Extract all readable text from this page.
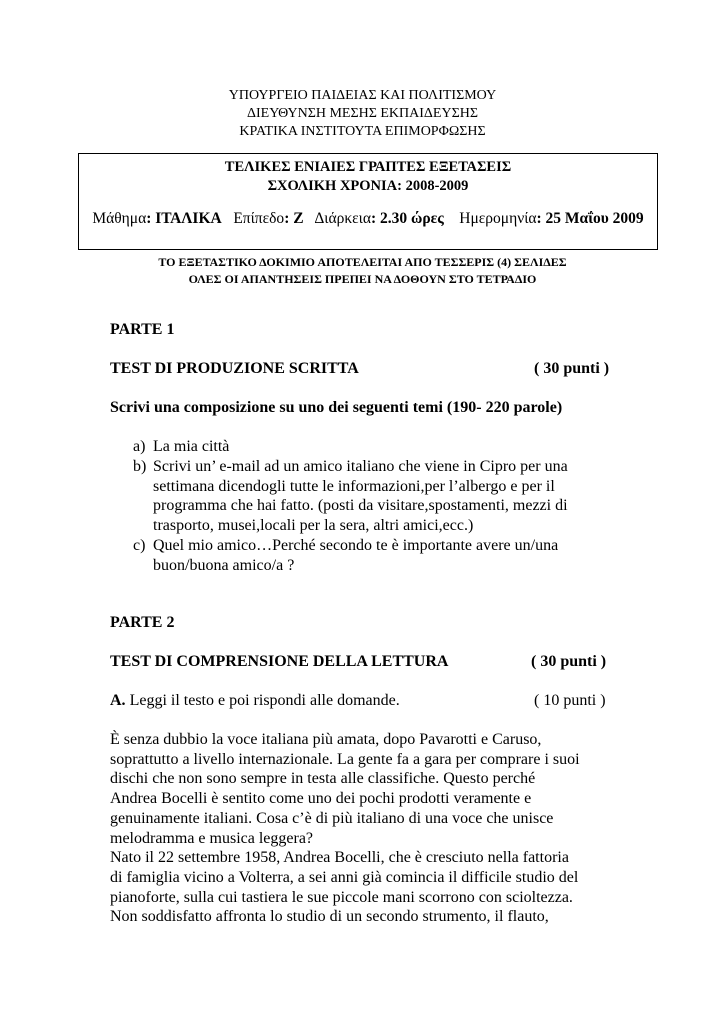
ΥΠΟΥΡΓΕΙΟ ΠΑΙΔΕΙΑΣ ΚΑΙ ΠΟΛΙΤΙΣΜΟΥ
ΔΙΕΥΘΥΝΣΗ ΜΕΣΗΣ ΕΚΠΑΙΔΕΥΣΗΣ
ΚΡΑΤΙΚΑ ΙΝΣΤΙΤΟΥΤΑ ΕΠΙΜΟΡΦΩΣΗΣ
ΤΕΛΙΚΕΣ ΕΝΙΑΙΕΣ ΓΡΑΠΤΕΣ ΕΞΕΤΑΣΕΙΣ
ΣΧΟΛΙΚΗ ΧΡΟΝΙΑ: 2008-2009
Μάθημα: ΙΤΑΛΙΚΑ Επίπεδο: Ζ Διάρκεια: 2.30 ώρες Ημερομηνία: 25 Μαΐου 2009
ΤΟ ΕΞΕΤΑΣΤΙΚΟ ΔΟΚΙΜΙΟ ΑΠΟΤΕΛΕΙΤΑΙ ΑΠΟ ΤΕΣΣΕΡΙΣ (4) ΣΕΛΙΔΕΣ
ΟΛΕΣ ΟΙ ΑΠΑΝΤΗΣΕΙΣ ΠΡΕΠΕΙ ΝΑ ΔΟΘΟΥΝ ΣΤΟ ΤΕΤΡΑΔΙΟ
PARTE 1
TEST DI PRODUZIONE SCRITTA	( 30 punti )
Scrivi una composizione su uno dei seguenti temi (190- 220 parole)
a) La mia città
b) Scrivi un’ e-mail ad un amico italiano che viene in Cipro per una
settimana dicendogli tutte le informazioni,per l’albergo e per il
programma che hai fatto. (posti da visitare,spostamenti, mezzi di
trasporto, musei,locali per la sera, altri amici,ecc.)
c) Quel mio amico…Perché secondo te è importante avere un/una
buon/buona amico/a ?
PARTE 2
TEST DI COMPRENSIONE DELLA LETTURA	( 30 punti )
A. Leggi il testo e poi rispondi alle domande.	( 10 punti )
È senza dubbio la voce italiana più amata, dopo Pavarotti e Caruso,
soprattutto a livello internazionale. La gente fa a gara per comprare i suoi
dischi che non sono sempre in testa alle classifiche. Questo perché
Andrea Bocelli è sentito come uno dei pochi prodotti veramente e
genuinamente italiani. Cosa c’è di più italiano di una voce che unisce
melodramma e musica leggera?
Nato il 22 settembre 1958, Andrea Bocelli, che è cresciuto nella fattoria
di famiglia vicino a Volterra, a sei anni già comincia il difficile studio del
pianoforte, sulla cui tastiera le sue piccole mani scorrono con scioltezza.
Non soddisfatto affronta lo studio di un secondo strumento, il flauto,
